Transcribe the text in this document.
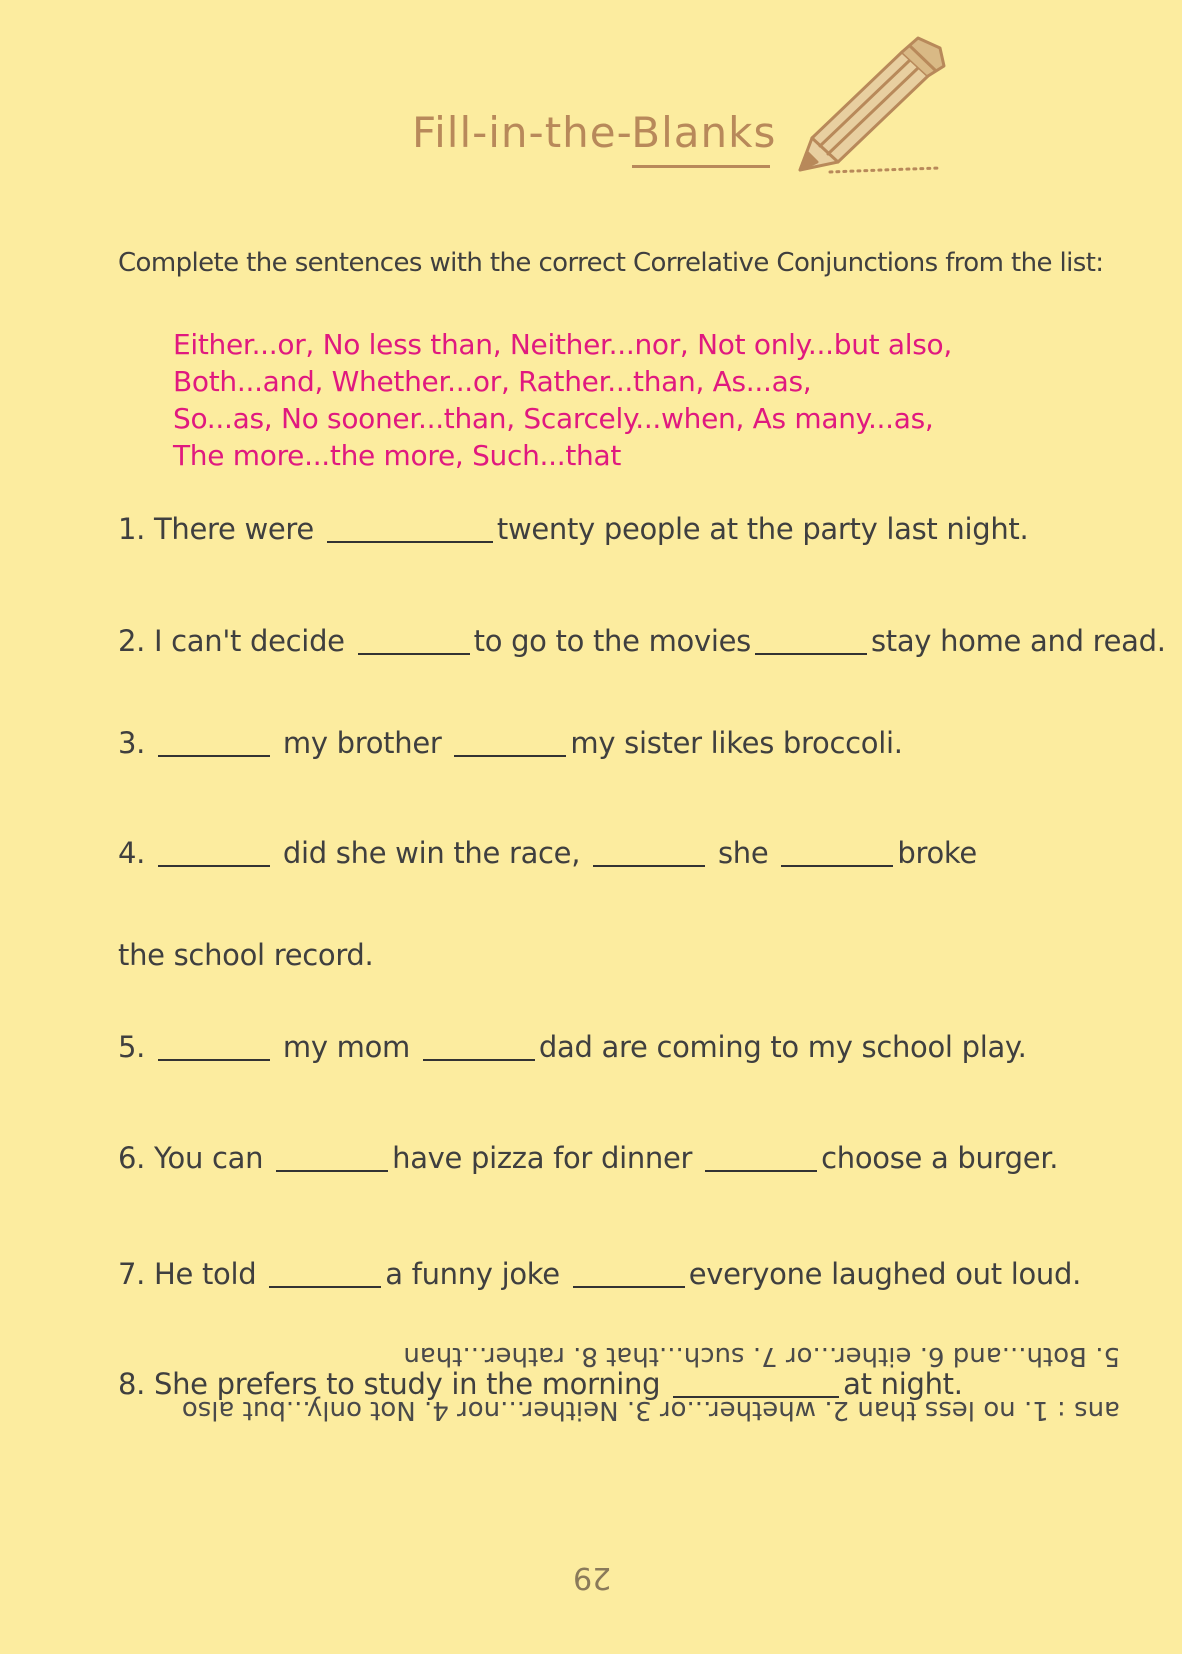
Fill-in-the-Blanks
Complete the sentences with the correct Correlative Conjunctions from the list:
Either...or, No less than, Neither...nor, Not only...but also,
Both...and, Whether...or, Rather...than, As...as,
So...as, No sooner...than, Scarcely...when, As many...as,
The more...the more, Such...that
1. There were	twenty people at the party last night.
2. I can't decide	to go to the movies	stay home and read.
3.	my brother	my sister likes broccoli.
4.	did she win the race,	she	broke
the school record.
5.	my mom	dad are coming to my school play.
6. You can	have pizza for dinner	choose a burger.
7. He told	a funny joke	everyone laughed out loud.
8. She prefers to study in the morning	at night.
5. Both...and 6. either...or 7. such...that 8. rather...than
ans : 1. no less than 2. whether...or 3. Neither...nor 4. Not only...but also
29
